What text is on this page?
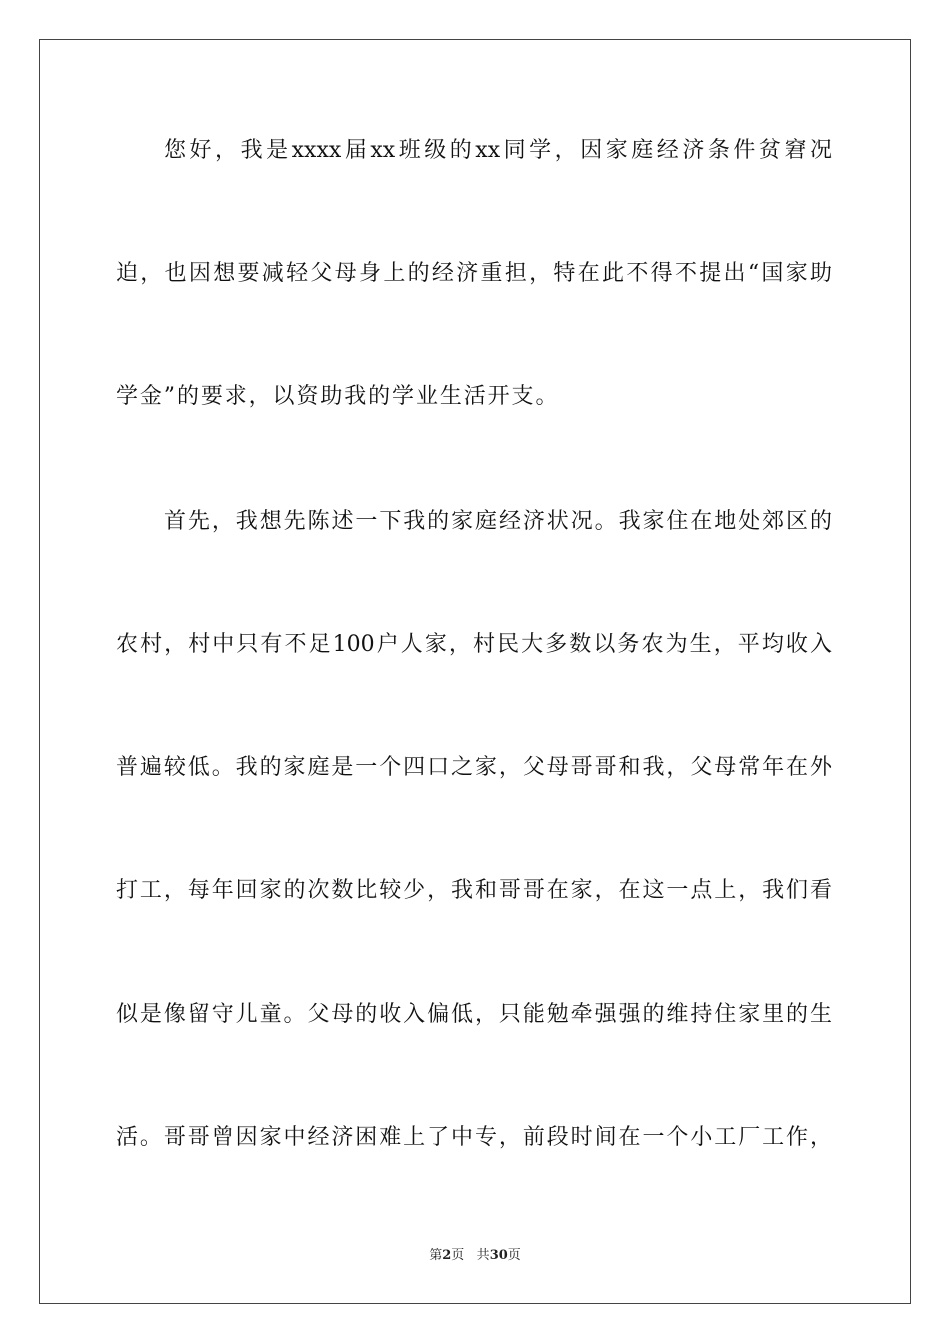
您好，我是xxxx届xx班级的xx同学，因家庭经济条件贫窘况
迫，也因想要减轻父母身上的经济重担，特在此不得不提出“国家助
学金”的要求，以资助我的学业生活开支。
首先，我想先陈述一下我的家庭经济状况。我家住在地处郊区的
农村，村中只有不足100户人家，村民大多数以务农为生，平均收入
普遍较低。我的家庭是一个四口之家，父母哥哥和我，父母常年在外
打工，每年回家的次数比较少，我和哥哥在家，在这一点上，我们看
似是像留守儿童。父母的收入偏低，只能勉牵强强的维持住家里的生
活。哥哥曾因家中经济困难上了中专，前段时间在一个小工厂工作，
第2页 共30页
